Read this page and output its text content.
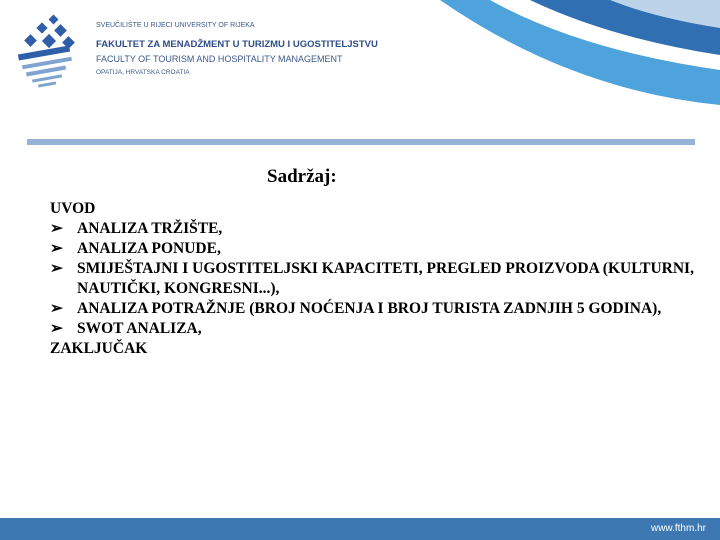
SVEUČILIŠTE U RIJECI UNIVERSITY OF RIJEKA
FAKULTET ZA MENADŽMENT U TURIZMU I UGOSTITELJSTVU
FACULTY OF TOURISM AND HOSPITALITY MANAGEMENT
OPATIJA, HRVATSKA CROATIA
Sadržaj:
UVOD
➢ ANALIZA TRŽIŠTE,
➢ ANALIZA PONUDE,
➢ SMIJEŠTAJNI I UGOSTITELJSKI KAPACITETI, PREGLED PROIZVODA (KULTURNI, NAUTIČKI, KONGRESNI...),
➢ ANALIZA POTRAŽNJE (BROJ NOĆENJA I BROJ TURISTA ZADNJIH 5 GODINA),
➢ SWOT ANALIZA,
ZAKLJUČAK
www.fthm.hr
